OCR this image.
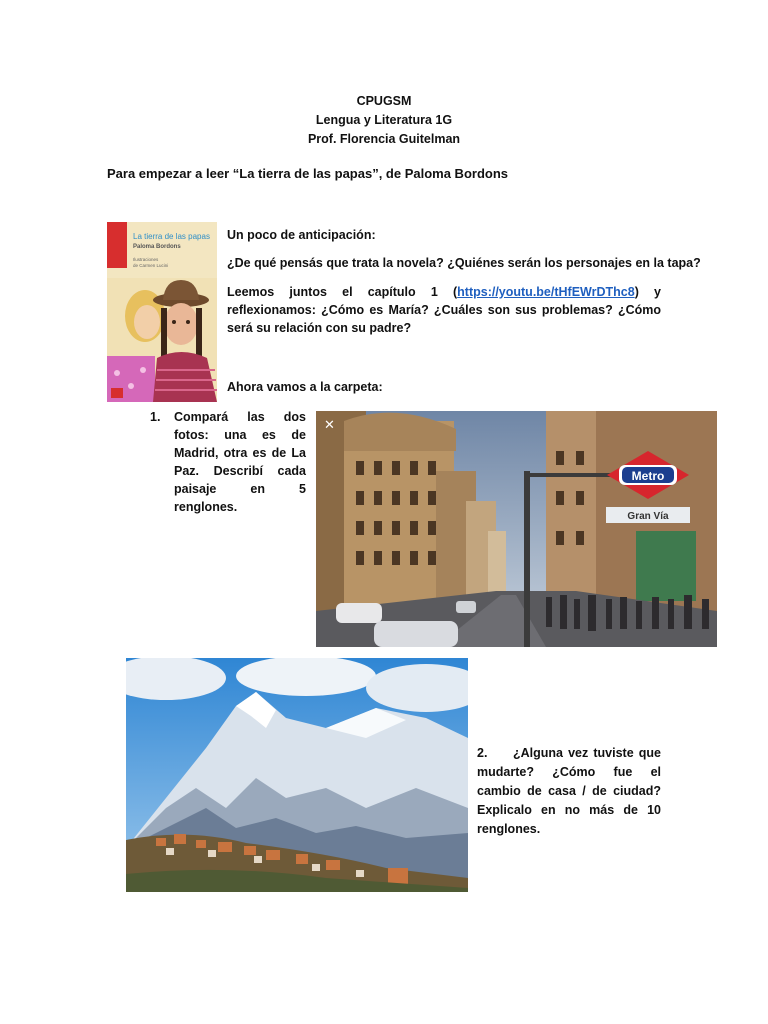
CPUGSM
Lengua y Literatura 1G
Prof. Florencia Guitelman
Para empezar a leer “La tierra de las papas”, de Paloma Bordons
La tierra de las papas
Paloma Bordons
Ilustraciones
de Carmen Lucini

Un poco de anticipación:

¿De qué pensás que trata la novela? ¿Quiénes serán los personajes en la tapa?

Leemos juntos el capítulo 1 (https://youtu.be/tHfEWrDThc8) y reflexionamos: ¿Cómo es María? ¿Cuáles son sus problemas? ¿Cómo será su relación con su padre?

Ahora vamos a la carpeta:

1. Compará las dos fotos: una es de Madrid, otra es de La Paz. Describí cada paisaje en 5 renglones.
Metro
Gran Vía
✕
2. ¿Alguna vez tuviste que mudarte? ¿Cómo fue el cambio de casa / de ciudad? Explicalo en no más de 10 renglones.
